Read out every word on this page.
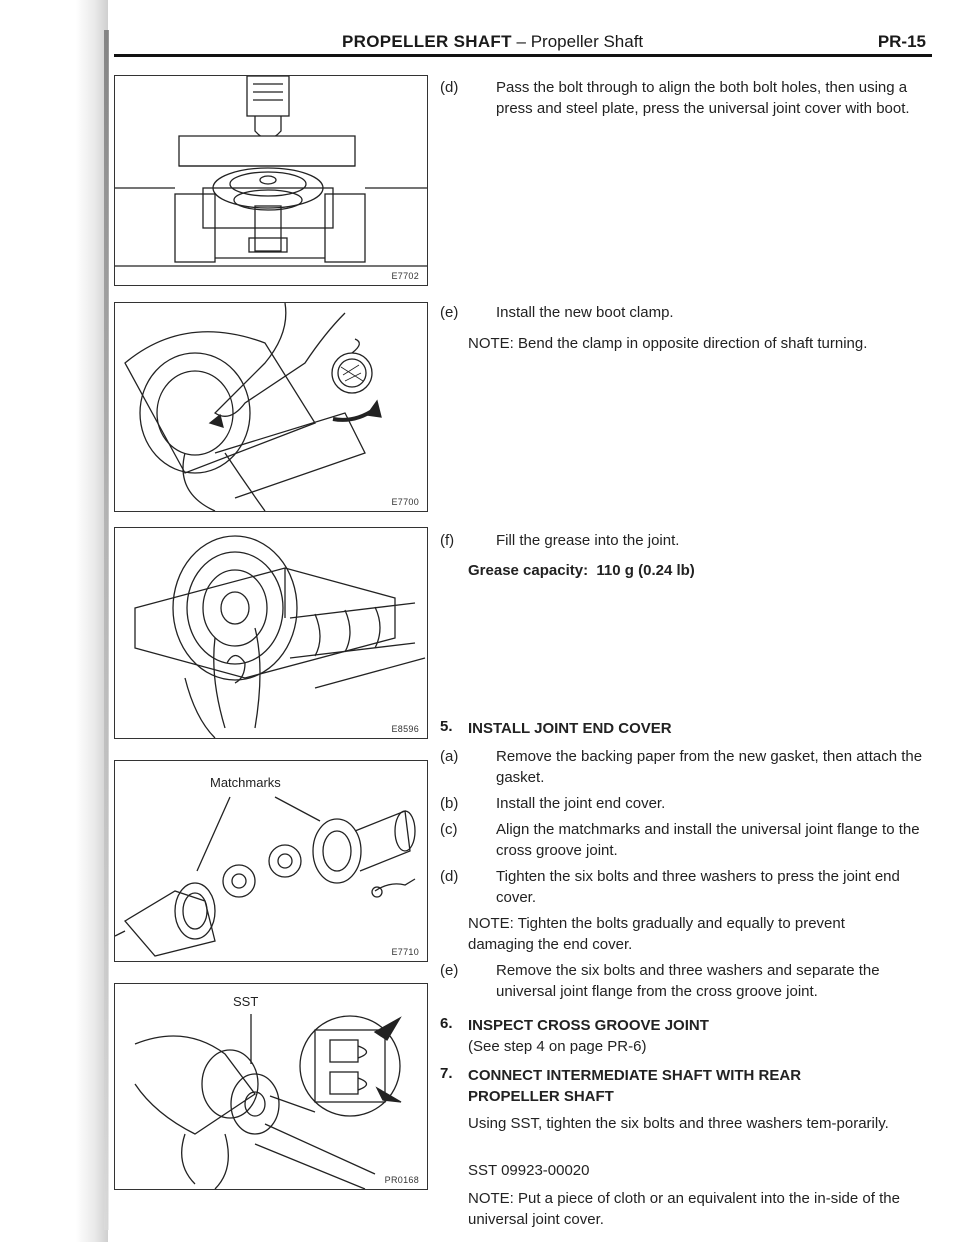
PROPELLER SHAFT – Propeller Shaft	PR-15
E7702
E7700
E8596
Matchmarks
E7710
SST
PR0168
(d)	Pass the bolt through to align the both bolt holes, then using a press and steel plate, press the universal joint cover with boot.
(e)	Install the new boot clamp.
NOTE: Bend the clamp in opposite direction of shaft turning.
(f)	Fill the grease into the joint.
Grease capacity: 110 g (0.24 lb)
5. INSTALL JOINT END COVER
(a)	Remove the backing paper from the new gasket, then attach the gasket.
(b)	Install the joint end cover.
(c)	Align the matchmarks and install the universal joint flange to the cross groove joint.
(d)	Tighten the six bolts and three washers to press the joint end cover.
NOTE: Tighten the bolts gradually and equally to prevent damaging the end cover.
(e)	Remove the six bolts and three washers and separate the universal joint flange from the cross groove joint.
6. INSPECT CROSS GROOVE JOINT
(See step 4 on page PR-6)
7. CONNECT INTERMEDIATE SHAFT WITH REAR PROPELLER SHAFT
Using SST, tighten the six bolts and three washers tem-porarily.
SST 09923-00020
NOTE: Put a piece of cloth or an equivalent into the in-side of the universal joint cover.
